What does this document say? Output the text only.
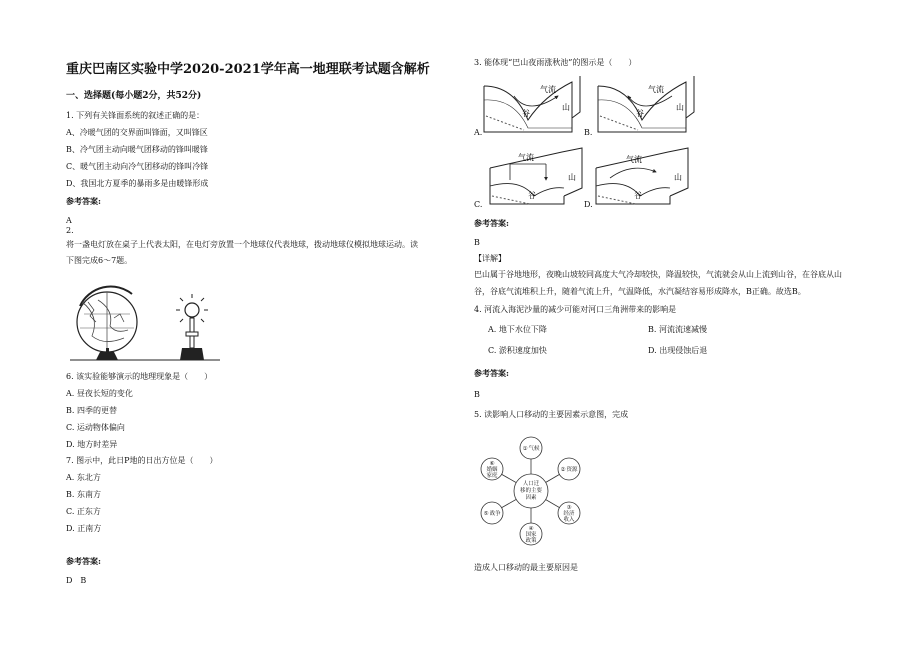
重庆巴南区实验中学2020-2021学年高一地理联考试题含解析
一、选择题(每小题2分，共52分)
1. 下列有关锋面系统的叙述正确的是：
A、冷暖气团的交界面叫锋面，又叫锋区
B、冷气团主动向暖气团移动的锋叫暖锋
C、暖气团主动向冷气团移动的锋叫冷锋
D、我国北方夏季的暴雨多是由暖锋形成
参考答案:
A
2.
将一盏电灯放在桌子上代表太阳，在电灯旁放置一个地球仪代表地球，拨动地球仪模拟地球运动。读
下图完成6～7题。
6. 该实验能够演示的地理现象是（　　）
A. 昼夜长短的变化
B. 四季的更替
C. 运动物体偏向
D. 地方时差异
7. 图示中，此日P地的日出方位是（　　）
A. 东北方
B. 东南方
C. 正东方
D. 正南方
参考答案:
D　B
3. 能体现“巴山夜雨涨秋池”的图示是（　　）
气流
山
谷
A.
气流
山
谷
B.
气流
山
谷
C.
气流
山
谷
D.
参考答案:
B
【详解】
巴山属于谷地地形，夜晚山坡较同高度大气冷却较快，降温较快，气流就会从山上流到山谷，在谷底从山
谷，谷底气流堆积上升，随着气流上升，气温降低，水汽凝结容易形成降水，B正确。故选B。
4. 河流入海泥沙量的减少可能对河口三角洲带来的影响是
A. 地下水位下降	B. 河流流速减慢
C. 淤积速度加快	D. 出现侵蚀后退
参考答案:
B
5. 读影响人口移动的主要因素示意图，完成
人口迁
移的主要
因素
① 气候
② 资源
③
经济
收入
④
国家
政策
⑤ 战争
⑥
婚姻
家庭
造成人口移动的最主要原因是
